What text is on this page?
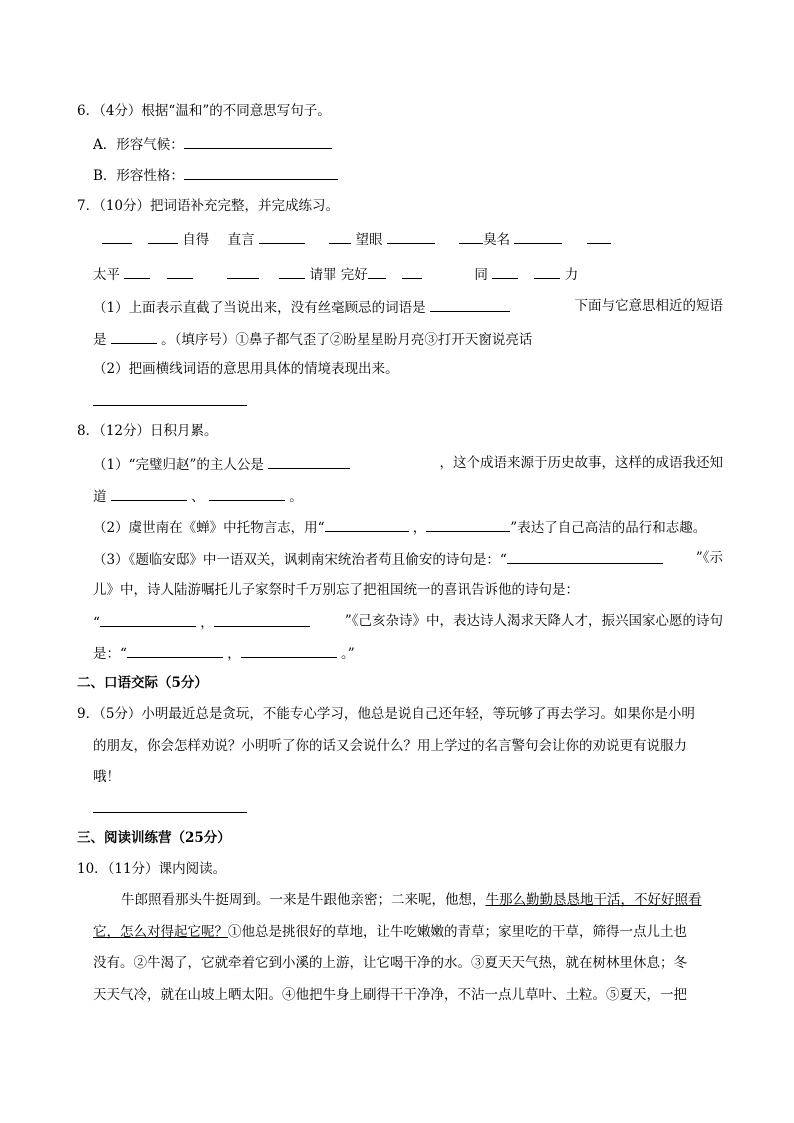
6．（4分）根据“温和”的不同意思写句子。
A．形容气候：
B．形容性格：
7．（10分）把词语补充完整，并完成练习。
自得 直言	望眼	臭名
太平	请罪 完好	同	力
（1）上面表示直截了当说出来，没有丝毫顾忌的词语是	下面与它意思相近的短语
是	。（填序号）①鼻子都气歪了②盼星星盼月亮③打开天窗说亮话
（2）把画横线词语的意思用具体的情境表现出来。
8．（12分）日积月累。
（1）“完璧归赵”的主人公是	，这个成语来源于历史故事，这样的成语我还知
道	、	。
（2）虞世南在《蝉》中托物言志，用“	，	”表达了自己高洁的品行和志趣。
（3）《题临安邸》中一语双关，讽刺南宋统治者苟且偷安的诗句是：“	”《示
儿》中，诗人陆游嘱托儿子家祭时千万别忘了把祖国统一的喜讯告诉他的诗句是：
“	，	”《己亥杂诗》中，表达诗人渴求天降人才，振兴国家心愿的诗句
是：“	，	。”
二、口语交际（5分）
9．（5分）小明最近总是贪玩，不能专心学习，他总是说自己还年轻，等玩够了再去学习。如果你是小明
的朋友，你会怎样劝说？小明听了你的话又会说什么？用上学过的名言警句会让你的劝说更有说服力
哦！
三、阅读训练营（25分）
10．（11分）课内阅读。
牛郎照看那头牛挺周到。一来是牛跟他亲密；二来呢，他想，牛那么勤勤恳恳地干活，不好好照看
它，怎么对得起它呢？①他总是挑很好的草地，让牛吃嫩嫩的青草；家里吃的干草，筛得一点儿土也
没有。②牛渴了，它就牵着它到小溪的上游，让它喝干净的水。③夏天天气热，就在树林里休息；冬
天天气冷，就在山坡上晒太阳。④他把牛身上刷得干干净净，不沾一点儿草叶、土粒。⑤夏天，一把
